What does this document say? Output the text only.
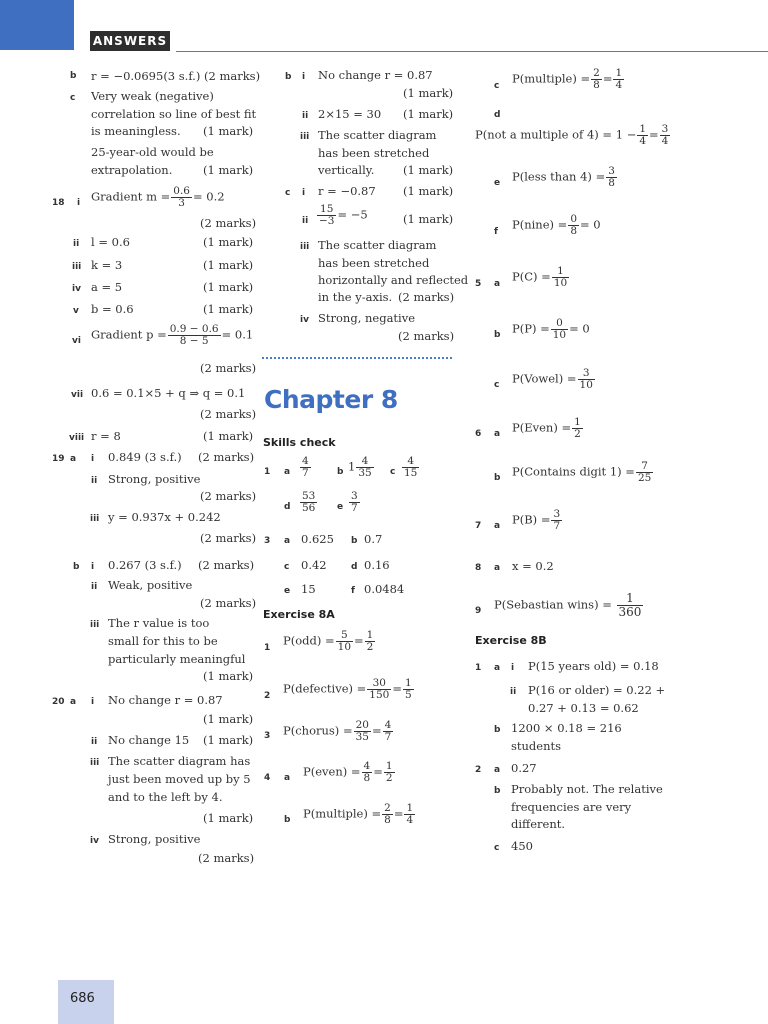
ANSWERS
b r = −0.0695(3 s.f.) (2 marks)
c Very weak (negative)
correlation so line of best fit
is meaningless. (1 mark)
25-year-old would be
extrapolation.	(1 mark)
18 i Gradient $m = \frac{0.6}{3} = 0.2$
(2 marks)
ii l = 0.6	(1 mark)
iii k = 3	(1 mark)
iv a = 5	(1 mark)
v b = 0.6	(1 mark)
vi Gradient $p = \frac{0.9 - 0.6}{8 - 5} = 0.1$
(2 marks)
vii 0.6 = 0.1×5 + q ⇒ q = 0.1
(2 marks)
viii r = 8	(1 mark)
19 a i 0.849 (3 s.f.) (2 marks)
ii Strong, positive
(2 marks)
iii y = 0.937x + 0.242
(2 marks)
b i 0.267 (3 s.f.) (2 marks)
ii Weak, positive
(2 marks)
iii The r value is too
small for this to be
particularly meaningful
(1 mark)
20 a i No change r = 0.87
(1 mark)
ii No change 15 (1 mark)
iii The scatter diagram has
just been moved up by 5
and to the left by 4.
(1 mark)
iv Strong, positive
(2 marks)
b i No change r = 0.87
(1 mark)
ii 2×15 = 30 (1 mark)
iii The scatter diagram
has been stretched
vertically. (1 mark)
c i r = −0.87 (1 mark)
ii $\frac{15}{-3} = -5$	(1 mark)
iii The scatter diagram
has been stretched
horizontally and reflected
in the y-axis. (2 marks)
iv Strong, negative
(2 marks)
Chapter 8
Skills check
1 a $\frac{4}{7}$	b $1 \frac{4}{35}$ c $\frac{4}{15}$
d $\frac{53}{56}$ e $\frac{3}{7}$
3 a 0.625 b 0.7
c 0.42	d 0.16
e 15	f 0.0484
Exercise 8A
1
$P(odd) = \frac{5}{10} = \frac{1}{2}$
2
P(defective) = $\frac{30}{150} = \frac{1}{5}$
3 P(chorus) = $\frac{20}{35} = \frac{4}{7}$
4 a P(even) = $\frac{4}{8} = \frac{1}{2}$
b P(multiple) = $\frac{2}{8} = \frac{1}{4}$
c
P(multiple) = $\frac{2}{8} = \frac{1}{4}$
d
P(not a multiple of $4) = 1 - \frac{1}{4} = \frac{3}{4}$
e P(less than $4) = \frac{3}{8}$
f
P(nine) = $\frac{0}{8} = 0$
5 a
$P(C) = \frac{1}{10}$
b $P(P) = \frac{0}{10} = 0$
c P(Vowel) = $\frac{3}{10}$
6 a P(Even) = $\frac{1}{2}$
b P(Contains digit $1) = \frac{7}{25}$
7 a $P(B) = \frac{3}{7}$
8 a x = 0.2
9 P(Sebastian wins) = $\frac{1}{360}$
Exercise 8B
1 a i P(15 years old) = 0.18
ii P(16 or older) = 0.22 +
0.27 + 0.13 = 0.62
b 1200 × 0.18 = 216
students
2 a 0.27
b Probably not. The relative
frequencies are very
different.
c 450
686
